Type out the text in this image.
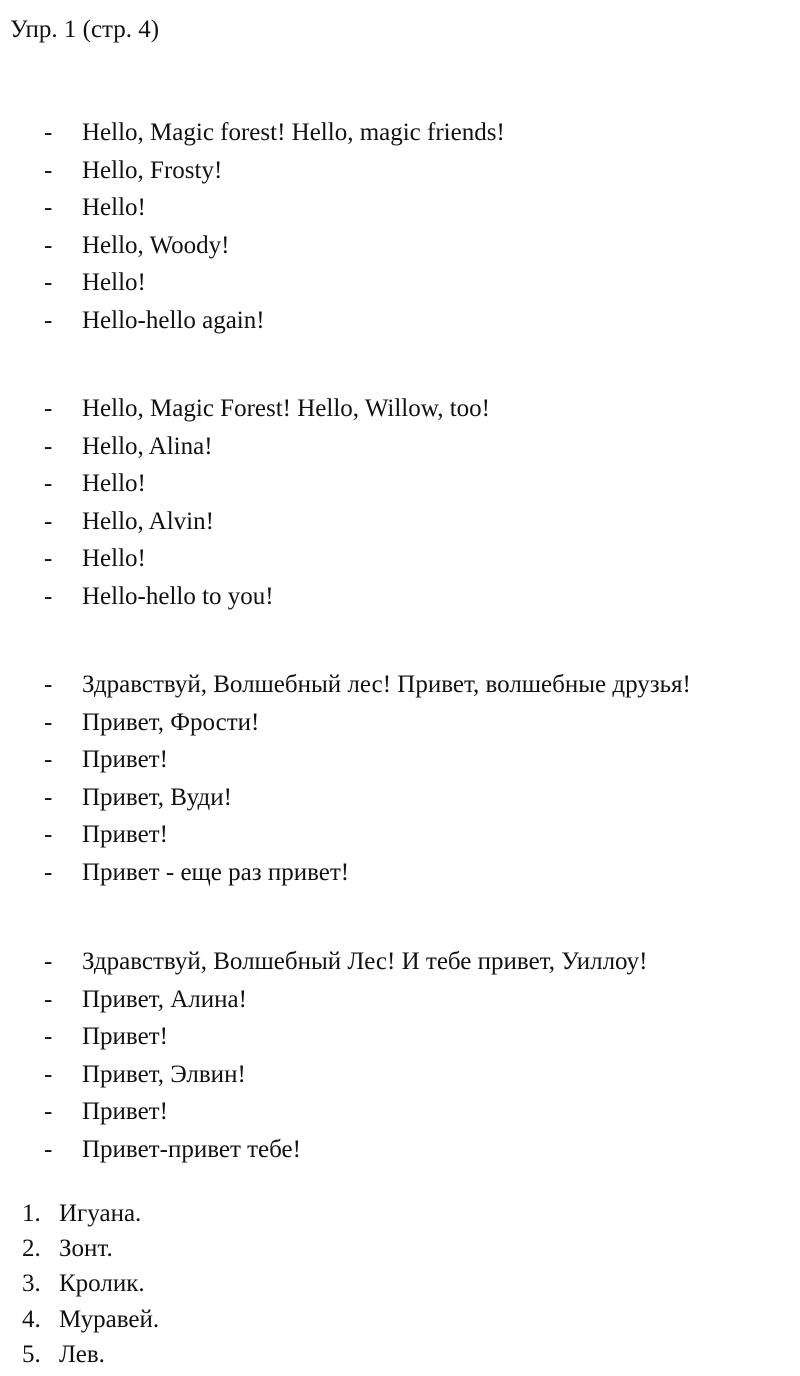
Упр. 1 (стр. 4)
- Hello, Magic forest! Hello, magic friends!
- Hello, Frosty!
- Hello!
- Hello, Woody!
- Hello!
- Hello-hello again!
- Hello, Magic Forest! Hello, Willow, too!
- Hello, Alina!
- Hello!
- Hello, Alvin!
- Hello!
- Hello-hello to you!
- Здравствуй, Волшебный лес! Привет, волшебные друзья!
- Привет, Фрости!
- Привет!
- Привет, Вуди!
- Привет!
- Привет - еще раз привет!
- Здравствуй, Волшебный Лес! И тебе привет, Уиллоу!
- Привет, Алина!
- Привет!
- Привет, Элвин!
- Привет!
- Привет-привет тебе!
1. Игуана.
2. Зонт.
3. Кролик.
4. Муравей.
5. Лев.
